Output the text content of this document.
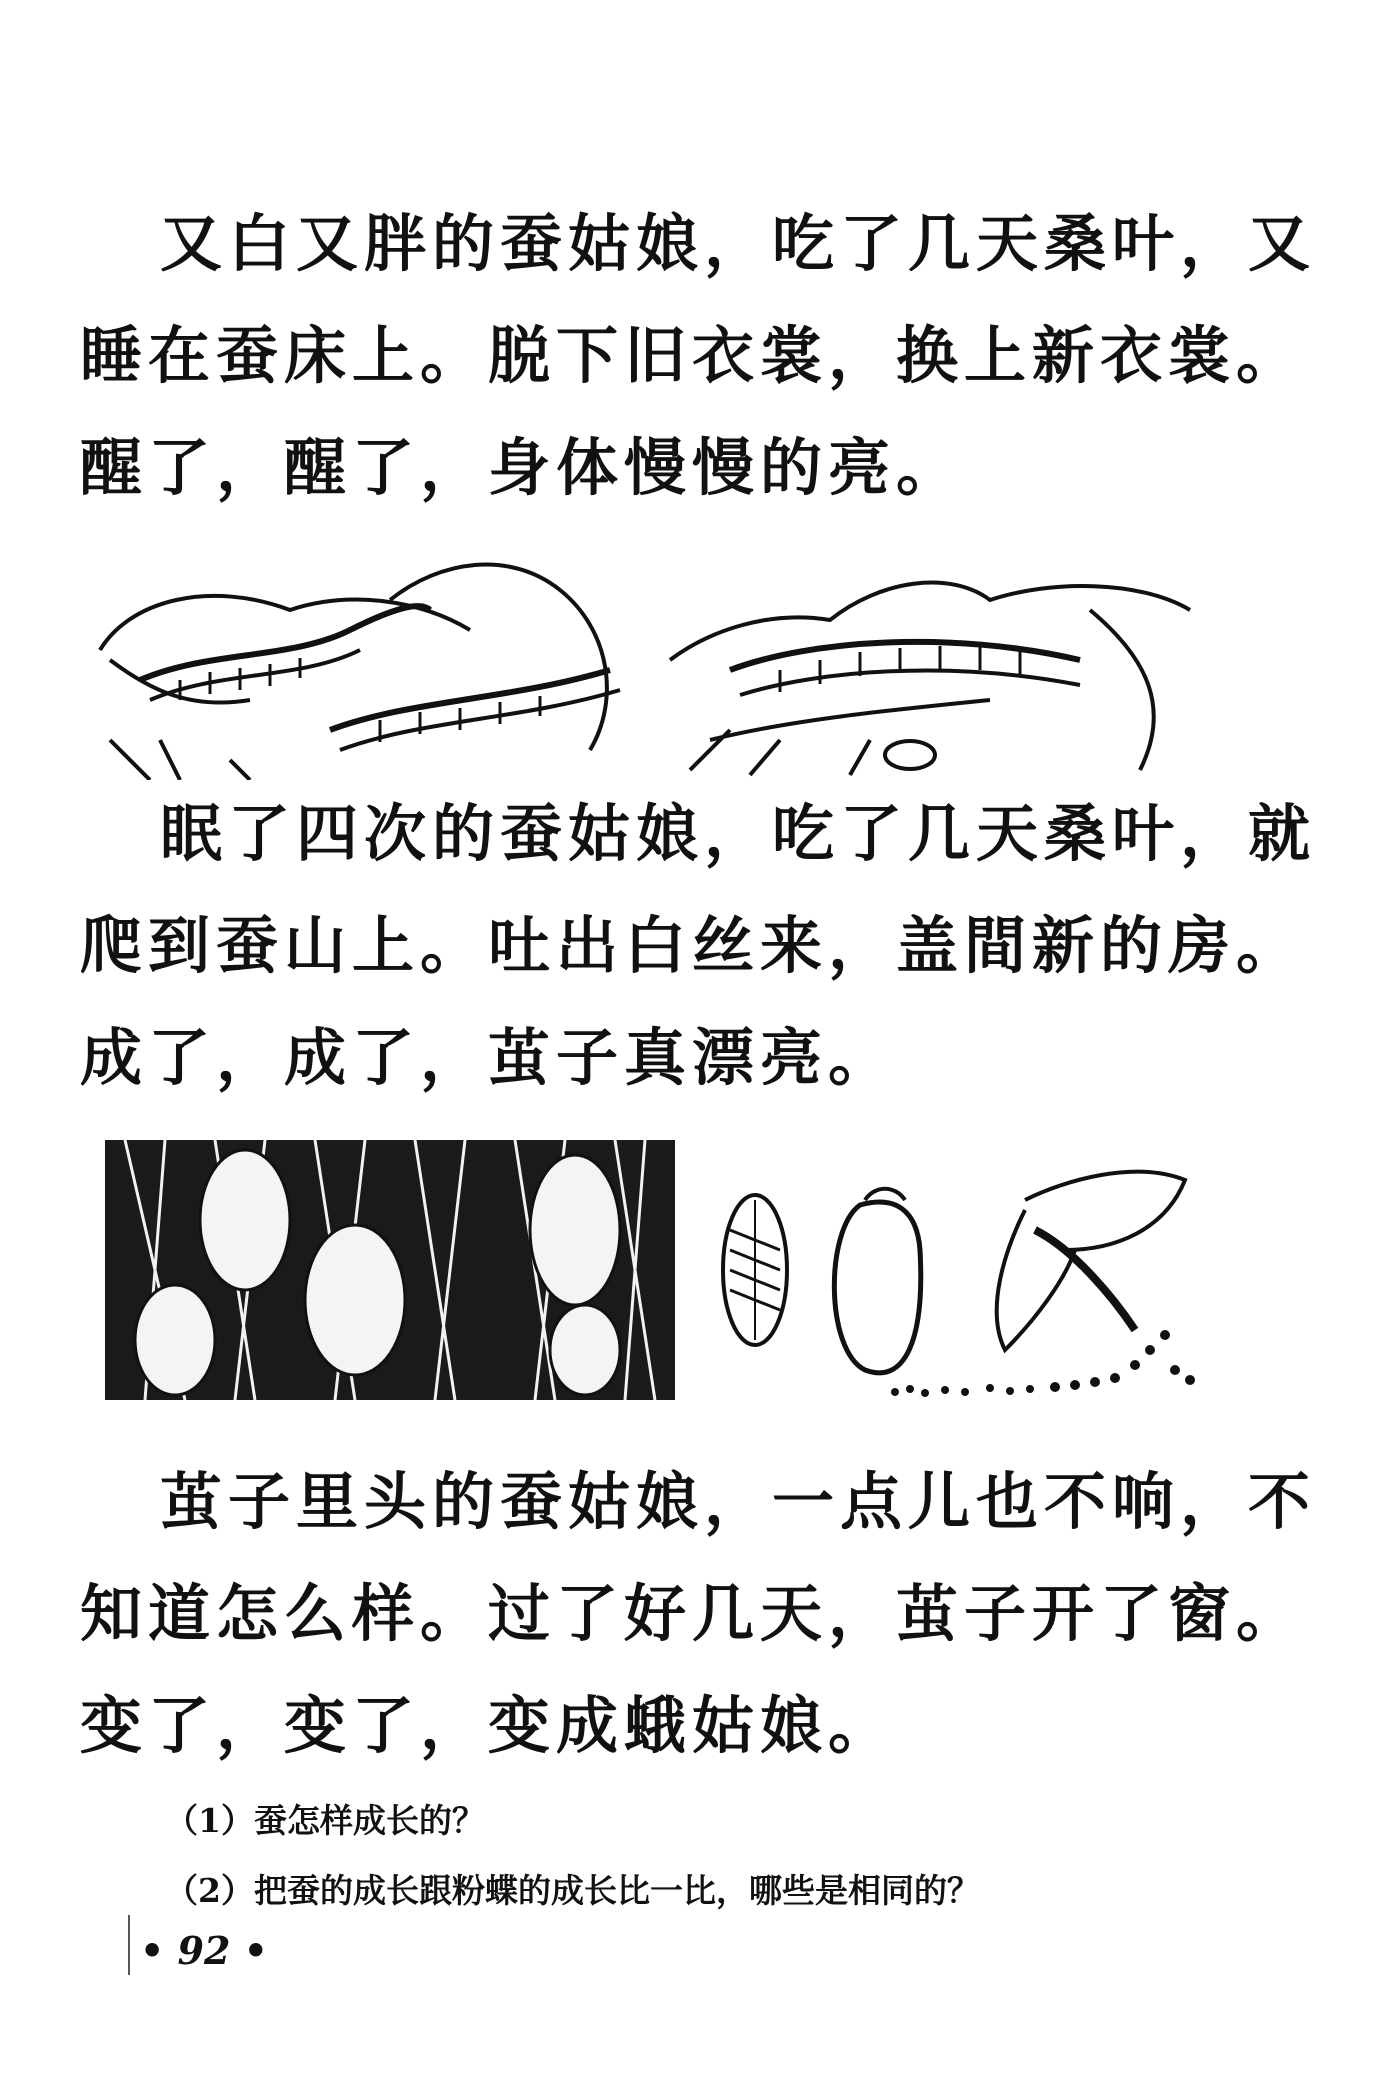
又白又胖的蚕姑娘，吃了几天桑叶，又
睡在蚕床上。脱下旧衣裳，换上新衣裳。
醒了，醒了，身体慢慢的亮。
眠了四次的蚕姑娘，吃了几天桑叶，就
爬到蚕山上。吐出白丝来，盖間新的房。
成了，成了，茧子真漂亮。
茧子里头的蚕姑娘，一点儿也不响，不
知道怎么样。过了好几天，茧子开了窗。
变了，变了，变成蛾姑娘。
（1）蚕怎样成长的？
（2）把蚕的成长跟粉蝶的成长比一比，哪些是相同的？
• 92 •
